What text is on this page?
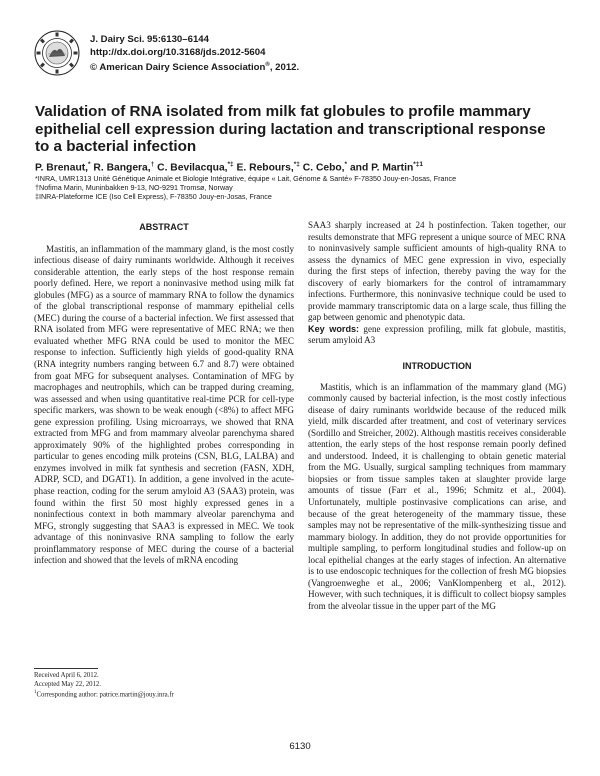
J. Dairy Sci. 95:6130–6144
http://dx.doi.org/10.3168/jds.2012-5604
© American Dairy Science Association®, 2012.
Validation of RNA isolated from milk fat globules to profile mammary epithelial cell expression during lactation and transcriptional response to a bacterial infection
P. Brenaut,* R. Bangera,† C. Bevilacqua,*‡ E. Rebours,*‡ C. Cebo,* and P. Martin$^{*\ddagger 1}$
*INRA, UMR1313 Unité Génétique Animale et Biologie Intégrative, équipe « Lait, Génome & Santé» F-78350 Jouy-en-Josas, France
†Nofima Marin, Muninbakken 9-13, NO-9291 Tromsø, Norway
‡INRA-Plateforme ICE (Iso Cell Express), F-78350 Jouy-en-Josas, France
ABSTRACT

Mastitis, an inflammation of the mammary gland, is the most costly infectious disease of dairy ruminants worldwide. Although it receives considerable attention, the early steps of the host response remain poorly defined. Here, we report a noninvasive method using milk fat globules (MFG) as a source of mammary RNA to follow the dynamics of the global transcriptional response of mammary epithelial cells (MEC) during the course of a bacterial infection. We first assessed that RNA isolated from MFG were representative of MEC RNA; we then evaluated whether MFG RNA could be used to monitor the MEC response to infection. Sufficiently high yields of good-quality RNA (RNA integrity numbers ranging between 6.7 and 8.7) were obtained from goat MFG for subsequent analyses. Contamination of MFG by macrophages and neutrophils, which can be trapped during creaming, was assessed and when using quantitative real-time PCR for cell-type specific markers, was shown to be weak enough (<8%) to affect MFG gene expression profiling. Using microarrays, we showed that RNA extracted from MFG and from mammary alveolar parenchyma shared approximately 90% of the highlighted probes corresponding in particular to genes encoding milk proteins (CSN, BLG, LALBA) and enzymes involved in milk fat synthesis and secretion (FASN, XDH, ADRP, SCD, and DGAT1). In addition, a gene involved in the acute-phase reaction, coding for the serum amyloid A3 (SAA3) protein, was found within the first 50 most highly expressed genes in a noninfectious context in both mammary alveolar parenchyma and MFG, strongly suggesting that SAA3 is expressed in MEC. We took advantage of this noninvasive RNA sampling to follow the early proinflammatory response of MEC during the course of a bacterial infection and showed that the levels of mRNA encoding

SAA3 sharply increased at 24 h postinfection. Taken together, our results demonstrate that MFG represent a unique source of MEC RNA to noninvasively sample sufficient amounts of high-quality RNA to assess the dynamics of MEC gene expression in vivo, especially during the first steps of infection, thereby paving the way for the discovery of early biomarkers for the control of intramammary infections. Furthermore, this noninvasive technique could be used to provide mammary transcriptomic data on a large scale, thus filling the gap between genomic and phenotypic data.

Key words: gene expression profiling, milk fat globule, mastitis, serum amyloid A3

INTRODUCTION

Mastitis, which is an inflammation of the mammary gland (MG) commonly caused by bacterial infection, is the most costly infectious disease of dairy ruminants worldwide because of the reduced milk yield, milk discarded after treatment, and cost of veterinary services (Sordillo and Streicher, 2002). Although mastitis receives considerable attention, the early steps of the host response remain poorly defined and understood. Indeed, it is challenging to obtain genetic material from the MG. Usually, surgical sampling techniques from mammary biopsies or from tissue samples taken at slaughter provide large amounts of tissue (Farr et al., 1996; Schmitz et al., 2004). Unfortunately, multiple postinvasive complications can arise, and because of the great heterogeneity of the mammary tissue, these samples may not be representative of the milk-synthesizing tissue and mammary biology. In addition, they do not provide opportunities for multiple sampling, to perform longitudinal studies and follow-up on local epithelial changes at the early stages of infection. An alternative is to use endoscopic techniques for the collection of fresh MG biopsies (Vangroenweghe et al., 2006; VanKlompenberg et al., 2012). However, with such techniques, it is difficult to collect biopsy samples from the alveolar tissue in the upper part of the MG

Received April 6, 2012.
Accepted May 22, 2012.
$^1$Corresponding author: patrice.martin@jouy.inra.fr
6130
